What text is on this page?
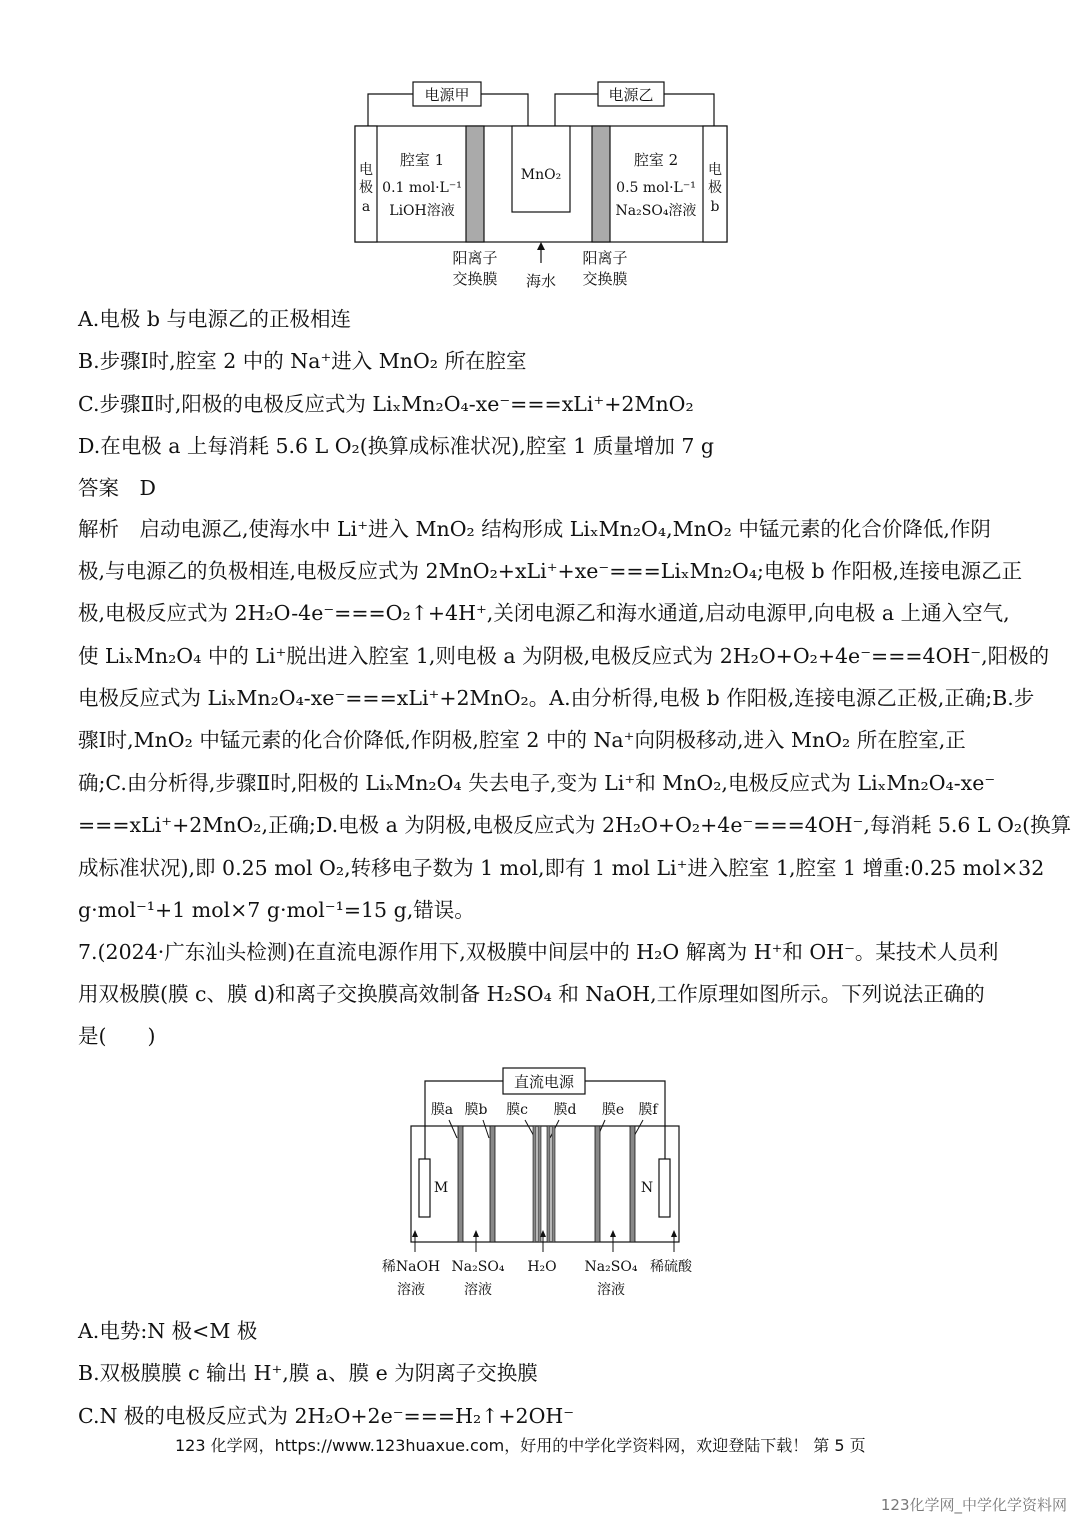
电源甲	电源乙
电
极
a
电
极
b
MnO₂
腔室 1
0.1 mol·L⁻¹
LiOH溶液
腔室 2
0.5 mol·L⁻¹
Na₂SO₄溶液
阳离子
交换膜 海水
阳离子
交换膜
A.电极 b 与电源乙的正极相连
B.步骤Ⅰ时,腔室 2 中的 Na⁺进入 MnO₂ 所在腔室
C.步骤Ⅱ时,阳极的电极反应式为 LiₓMn₂O₄-xe⁻===xLi⁺+2MnO₂
D.在电极 a 上每消耗 5.6 L O₂(换算成标准状况),腔室 1 质量增加 7 g
答案　D
解析　启动电源乙,使海水中 Li⁺进入 MnO₂ 结构形成 LiₓMn₂O₄,MnO₂ 中锰元素的化合价降低,作阴
极,与电源乙的负极相连,电极反应式为 2MnO₂+xLi⁺+xe⁻===LiₓMn₂O₄;电极 b 作阳极,连接电源乙正
极,电极反应式为 2H₂O-4e⁻===O₂↑+4H⁺,关闭电源乙和海水通道,启动电源甲,向电极 a 上通入空气,
使 LiₓMn₂O₄ 中的 Li⁺脱出进入腔室 1,则电极 a 为阴极,电极反应式为 2H₂O+O₂+4e⁻===4OH⁻,阳极的
电极反应式为 LiₓMn₂O₄-xe⁻===xLi⁺+2MnO₂。A.由分析得,电极 b 作阳极,连接电源乙正极,正确;B.步
骤Ⅰ时,MnO₂ 中锰元素的化合价降低,作阴极,腔室 2 中的 Na⁺向阴极移动,进入 MnO₂ 所在腔室,正
确;C.由分析得,步骤Ⅱ时,阳极的 LiₓMn₂O₄ 失去电子,变为 Li⁺和 MnO₂,电极反应式为 LiₓMn₂O₄-xe⁻
===xLi⁺+2MnO₂,正确;D.电极 a 为阴极,电极反应式为 2H₂O+O₂+4e⁻===4OH⁻,每消耗 5.6 L O₂(换算
成标准状况),即 0.25 mol O₂,转移电子数为 1 mol,即有 1 mol Li⁺进入腔室 1,腔室 1 增重:0.25 mol×32
g·mol⁻¹+1 mol×7 g·mol⁻¹=15 g,错误。
7.(2024·广东汕头检测)在直流电源作用下,双极膜中间层中的 H₂O 解离为 H⁺和 OH⁻。某技术人员利
用双极膜(膜 c、膜 d)和离子交换膜高效制备 H₂SO₄ 和 NaOH,工作原理如图所示。下列说法正确的
是(　　)
直流电源
膜a 膜b 膜c 膜d 膜e 膜f
M	N
稀NaOH
溶液
Na₂SO₄
溶液
H₂O Na₂SO₄
溶液
稀硫酸
A.电势:N 极<M 极
B.双极膜膜 c 输出 H⁺,膜 a、膜 e 为阴离子交换膜
C.N 极的电极反应式为 2H₂O+2e⁻===H₂↑+2OH⁻
123 化学网，https://www.123huaxue.com，好用的中学化学资料网，欢迎登陆下载！ 第 5 页
123化学网_中学化学资料网
